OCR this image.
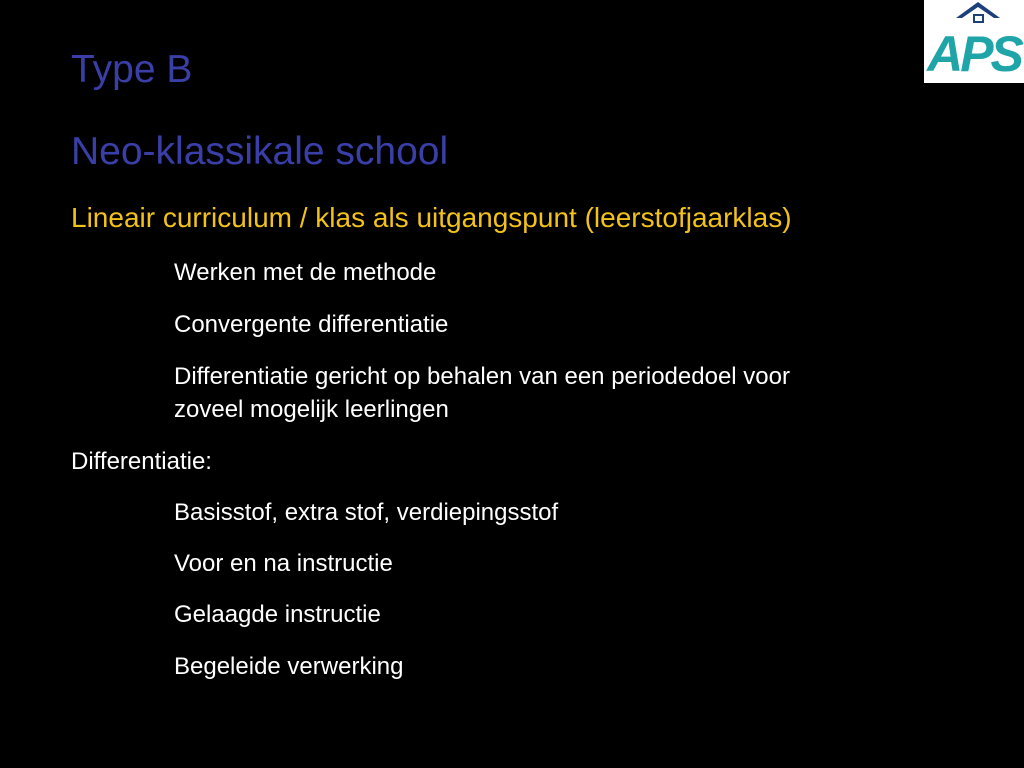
Type B
Neo-klassikale school
Lineair curriculum / klas als uitgangspunt (leerstofjaarklas)
Werken met de methode
Convergente differentiatie
Differentiatie gericht op behalen van een periodedoel voor
zoveel mogelijk leerlingen
Differentiatie:
Basisstof, extra stof, verdiepingsstof
Voor en na instructie
Gelaagde instructie
Begeleide verwerking
APS
